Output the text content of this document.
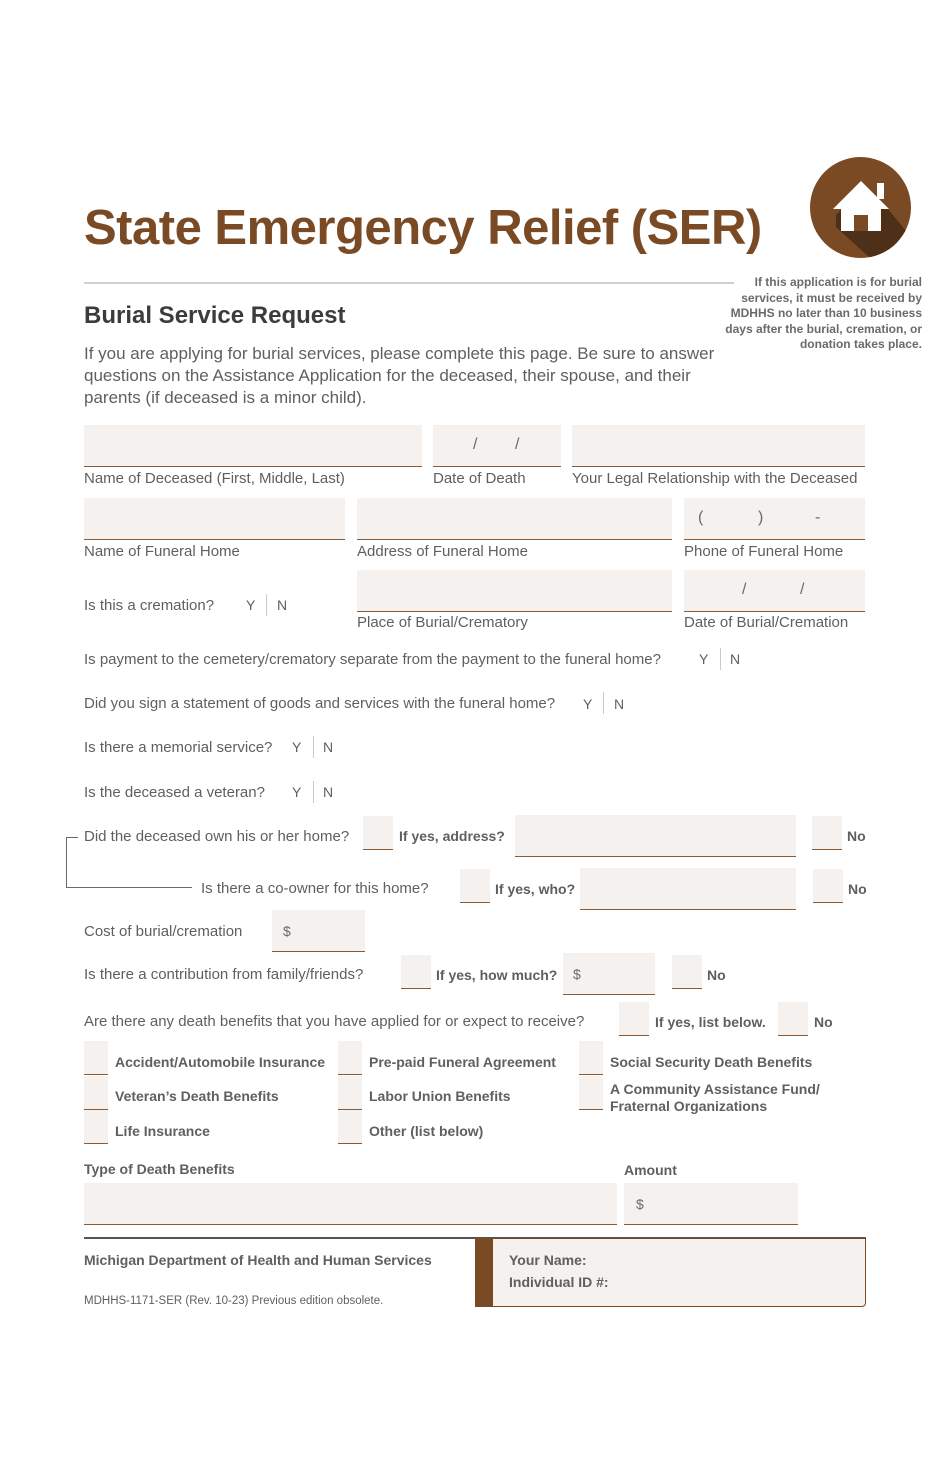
State Emergency Relief (SER)
If this application is for burial services, it must be received by MDHHS no later than 10 business days after the burial, cremation, or donation takes place.
Burial Service Request
If you are applying for burial services, please complete this page. Be sure to answer questions on the Assistance Application for the deceased, their spouse, and their parents (if deceased is a minor child).
/ /
Name of Deceased (First, Middle, Last)	Date of Death	Your Legal Relationship with the Deceased
(	)	-
Name of Funeral Home	Address of Funeral Home	Phone of Funeral Home
Is this a cremation? Y N
/	/
Place of Burial/Crematory	Date of Burial/Cremation
Is payment to the cemetery/crematory separate from the payment to the funeral home?	Y N
Did you sign a statement of goods and services with the funeral home? Y N
Is there a memorial service? Y N
Is the deceased a veteran? Y N
Did the deceased own his or her home?	If yes, address?	No
Is there a co-owner for this home?	If yes, who?	No
Cost of burial/cremation	$
Is there a contribution from family/friends?	If yes, how much? $	No
Are there any death benefits that you have applied for or expect to receive?	If yes, list below.	No
Accident/Automobile Insurance	Pre-paid Funeral Agreement	Social Security Death Benefits
Veteran’s Death Benefits	Labor Union Benefits	A Community Assistance Fund/
Fraternal Organizations
Life Insurance	Other (list below)
Type of Death Benefits	Amount
$
Michigan Department of Health and Human Services
MDHHS-1171-SER (Rev. 10-23) Previous edition obsolete.
Your Name:
Individual ID #:
